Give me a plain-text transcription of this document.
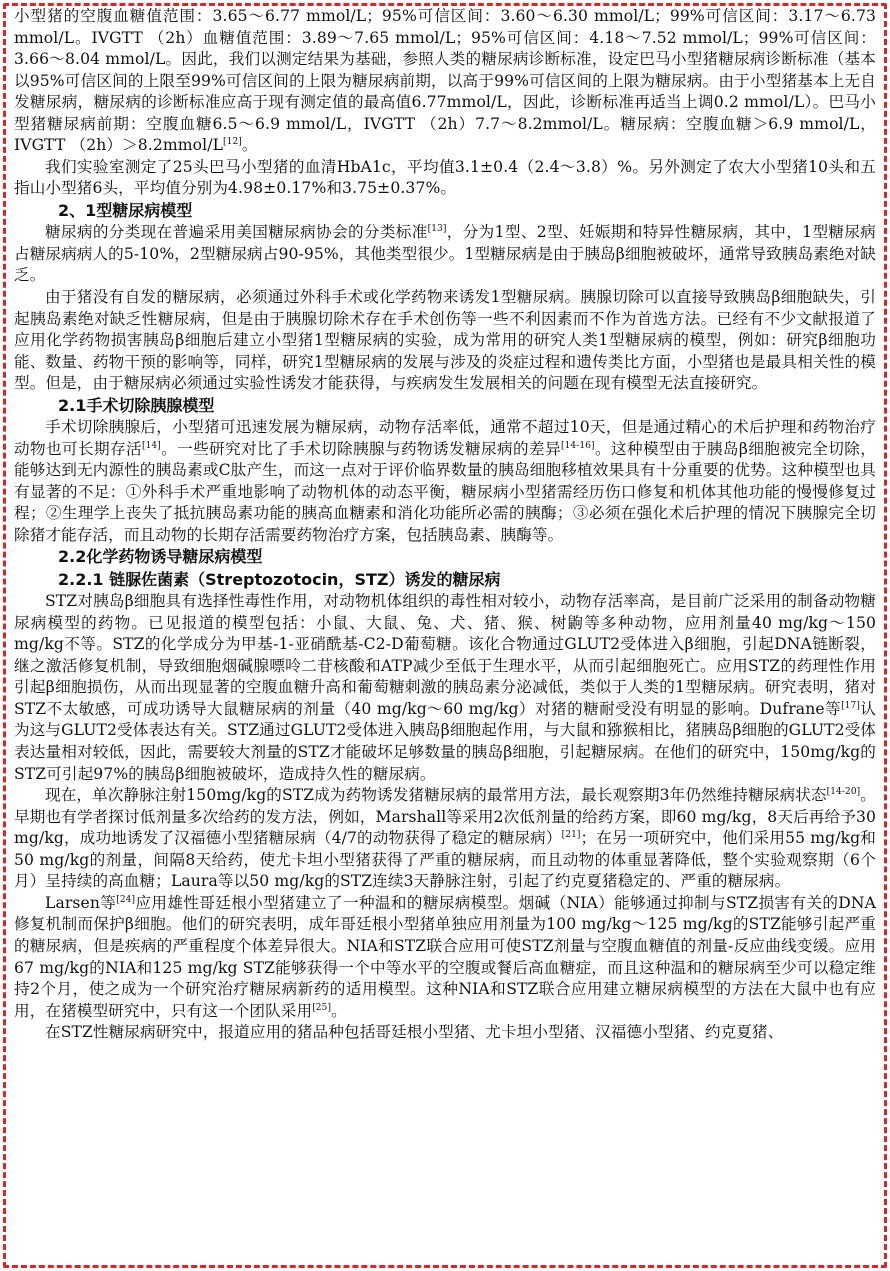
小型猪的空腹血糖值范围：3.65～6.77 mmol/L；95%可信区间：3.60～6.30 mmol/L；99%可信区间：3.17～6.73 mmol/L。IVGTT （2h）血糖值范围：3.89～7.65 mmol/L；95%可信区间：4.18～7.52 mmol/L；99%可信区间：3.66～8.04 mmol/L。因此，我们以测定结果为基础，参照人类的糖尿病诊断标准，设定巴马小型猪糖尿病诊断标准（基本以95%可信区间的上限至99%可信区间的上限为糖尿病前期，以高于99%可信区间的上限为糖尿病。由于小型猪基本上无自发糖尿病，糖尿病的诊断标准应高于现有测定值的最高值6.77mmol/L，因此，诊断标准再适当上调0.2 mmol/L）。巴马小型猪糖尿病前期：空腹血糖6.5～6.9 mmol/L，IVGTT （2h）7.7～8.2mmol/L。糖尿病：空腹血糖＞6.9 mmol/L，IVGTT （2h）＞8.2mmol/L[12]。

我们实验室测定了25头巴马小型猪的血清HbA1c，平均值3.1±0.4（2.4～3.8）%。另外测定了农大小型猪10头和五指山小型猪6头，平均值分别为4.98±0.17%和3.75±0.37%。

2、1型糖尿病模型

糖尿病的分类现在普遍采用美国糖尿病协会的分类标准[13]，分为1型、2型、妊娠期和特异性糖尿病，其中，1型糖尿病占糖尿病病人的5-10%，2型糖尿病占90-95%，其他类型很少。1型糖尿病是由于胰岛β细胞被破坏，通常导致胰岛素绝对缺乏。

由于猪没有自发的糖尿病，必须通过外科手术或化学药物来诱发1型糖尿病。胰腺切除可以直接导致胰岛β细胞缺失，引起胰岛素绝对缺乏性糖尿病，但是由于胰腺切除术存在手术创伤等一些不利因素而不作为首选方法。已经有不少文献报道了应用化学药物损害胰岛β细胞后建立小型猪1型糖尿病的实验，成为常用的研究人类1型糖尿病的模型，例如：研究β细胞功能、数量、药物干预的影响等，同样，研究1型糖尿病的发展与涉及的炎症过程和遗传类比方面，小型猪也是最具相关性的模型。但是，由于糖尿病必须通过实验性诱发才能获得，与疾病发生发展相关的问题在现有模型无法直接研究。

2.1手术切除胰腺模型

手术切除胰腺后，小型猪可迅速发展为糖尿病，动物存活率低，通常不超过10天，但是通过精心的术后护理和药物治疗动物也可长期存活[14]。一些研究对比了手术切除胰腺与药物诱发糖尿病的差异[14-16]。这种模型由于胰岛β细胞被完全切除，能够达到无内源性的胰岛素或C肽产生，而这一点对于评价临界数量的胰岛细胞移植效果具有十分重要的优势。这种模型也具有显著的不足：①外科手术严重地影响了动物机体的动态平衡，糖尿病小型猪需经历伤口修复和机体其他功能的慢慢修复过程；②生理学上丧失了抵抗胰岛素功能的胰高血糖素和消化功能所必需的胰酶；③必须在强化术后护理的情况下胰腺完全切除猪才能存活，而且动物的长期存活需要药物治疗方案，包括胰岛素、胰酶等。

2.2化学药物诱导糖尿病模型
2.2.1 链脲佐菌素（Streptozotocin，STZ）诱发的糖尿病

STZ对胰岛β细胞具有选择性毒性作用，对动物机体组织的毒性相对较小，动物存活率高，是目前广泛采用的制备动物糖尿病模型的药物。已见报道的模型包括：小鼠、大鼠、兔、犬、猪、猴、树鼩等多种动物，应用剂量40 mg/kg～150 mg/kg不等。STZ的化学成分为甲基-1-亚硝酰基-C2-D葡萄糖。该化合物通过GLUT2受体进入β细胞，引起DNA链断裂，继之激活修复机制，导致细胞烟碱腺嘌呤二苷核酸和ATP减少至低于生理水平，从而引起细胞死亡。应用STZ的药理性作用引起β细胞损伤，从而出现显著的空腹血糖升高和葡萄糖刺激的胰岛素分泌减低，类似于人类的1型糖尿病。研究表明，猪对STZ不太敏感，可成功诱导大鼠糖尿病的剂量（40 mg/kg～60 mg/kg）对猪的糖耐受没有明显的影响。Dufrane等[17]认为这与GLUT2受体表达有关。STZ通过GLUT2受体进入胰岛β细胞起作用，与大鼠和猕猴相比，猪胰岛β细胞的GLUT2受体表达量相对较低，因此，需要较大剂量的STZ才能破坏足够数量的胰岛β细胞，引起糖尿病。在他们的研究中，150mg/kg的STZ可引起97%的胰岛β细胞被破坏，造成持久性的糖尿病。

现在，单次静脉注射150mg/kg的STZ成为药物诱发猪糖尿病的最常用方法，最长观察期3年仍然维持糖尿病状态[14-20]。早期也有学者探讨低剂量多次给药的发方法，例如，Marshall等采用2次低剂量的给药方案，即60 mg/kg，8天后再给予30 mg/kg，成功地诱发了汉福德小型猪糖尿病（4/7的动物获得了稳定的糖尿病）[21]；在另一项研究中，他们采用55 mg/kg和50 mg/kg的剂量，间隔8天给药，使尤卡坦小型猪获得了严重的糖尿病，而且动物的体重显著降低，整个实验观察期（6个月）呈持续的高血糖；Laura等以50 mg/kg的STZ连续3天静脉注射，引起了约克夏猪稳定的、严重的糖尿病。

Larsen等[24]应用雄性哥廷根小型猪建立了一种温和的糖尿病模型。烟碱（NIA）能够通过抑制与STZ损害有关的DNA修复机制而保护β细胞。他们的研究表明，成年哥廷根小型猪单独应用剂量为100 mg/kg～125 mg/kg的STZ能够引起严重的糖尿病，但是疾病的严重程度个体差异很大。NIA和STZ联合应用可使STZ剂量与空腹血糖值的剂量-反应曲线变缓。应用67 mg/kg的NIA和125 mg/kg STZ能够获得一个中等水平的空腹或餐后高血糖症，而且这种温和的糖尿病至少可以稳定维持2个月，使之成为一个研究治疗糖尿病新药的适用模型。这种NIA和STZ联合应用建立糖尿病模型的方法在大鼠中也有应用，在猪模型研究中，只有这一个团队采用[25]。

在STZ性糖尿病研究中，报道应用的猪品种包括哥廷根小型猪、尤卡坦小型猪、汉福德小型猪、约克夏猪、
